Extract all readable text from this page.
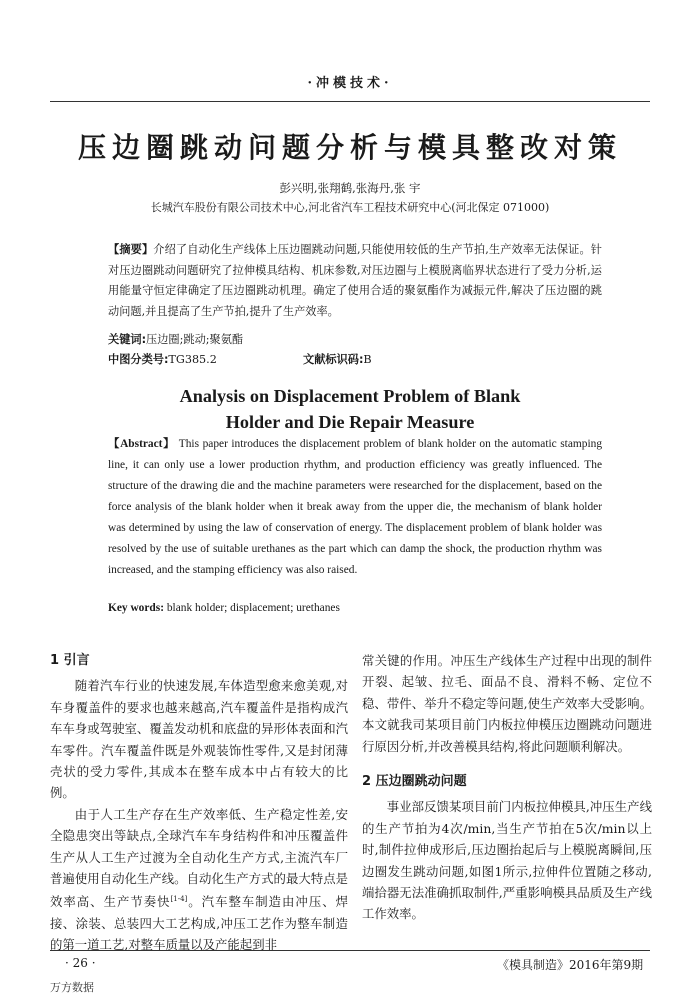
·冲模技术·
压边圈跳动问题分析与模具整改对策
彭兴明,张翔鹤,张海丹,张 宇
长城汽车股份有限公司技术中心,河北省汽车工程技术研究中心(河北保定 071000)
【摘要】介绍了自动化生产线体上压边圈跳动问题,只能使用较低的生产节拍,生产效率无法保证。针对压边圈跳动问题研究了拉伸模具结构、机床参数,对压边圈与上模脱离临界状态进行了受力分析,运用能量守恒定律确定了压边圈跳动机理。确定了使用合适的聚氨酯作为减振元件,解决了压边圈的跳动问题,并且提高了生产节拍,提升了生产效率。
关键词:压边圈;跳动;聚氨酯
中图分类号:TG385.2	文献标识码:B
Analysis on Displacement Problem of Blank
Holder and Die Repair Measure
【Abstract】 This paper introduces the displacement problem of blank holder on the automatic stamping line, it can only use a lower production rhythm, and production efficiency was greatly influenced. The structure of the drawing die and the machine parameters were researched for the displacement, based on the force analysis of the blank holder when it break away from the upper die, the mechanism of blank holder was determined by using the law of conservation of energy. The displacement problem of blank holder was resolved by the use of suitable urethanes as the part which can damp the shock, the production rhythm was increased, and the stamping efficiency was also raised.
Key words: blank holder; displacement; urethanes
1 引言

随着汽车行业的快速发展,车体造型愈来愈美观,对车身覆盖件的要求也越来越高,汽车覆盖件是指构成汽车车身或驾驶室、覆盖发动机和底盘的异形体表面和汽车零件。汽车覆盖件既是外观装饰性零件,又是封闭薄壳状的受力零件,其成本在整车成本中占有较大的比例。

由于人工生产存在生产效率低、生产稳定性差,安全隐患突出等缺点,全球汽车车身结构件和冲压覆盖件生产从人工生产过渡为全自动化生产方式,主流汽车厂普遍使用自动化生产线。自动化生产方式的最大特点是效率高、生产节奏快[1-4]。汽车整车制造由冲压、焊接、涂装、总装四大工艺构成,冲压工艺作为整车制造的第一道工艺,对整车质量以及产能起到非

常关键的作用。冲压生产线体生产过程中出现的制件开裂、起皱、拉毛、面品不良、滑料不畅、定位不稳、带件、举升不稳定等问题,使生产效率大受影响。本文就我司某项目前门内板拉伸模压边圈跳动问题进行原因分析,并改善模具结构,将此问题顺利解决。

2 压边圈跳动问题

事业部反馈某项目前门内板拉伸模具,冲压生产线的生产节拍为4次/min,当生产节拍在5次/min以上时,制件拉伸成形后,压边圈抬起后与上模脱离瞬间,压边圈发生跳动问题,如图1所示,拉伸件位置随之移动,端拾器无法准确抓取制件,严重影响模具品质及生产线工作效率。

· 26 ·	《模具制造》2016年第9期
万方数据
